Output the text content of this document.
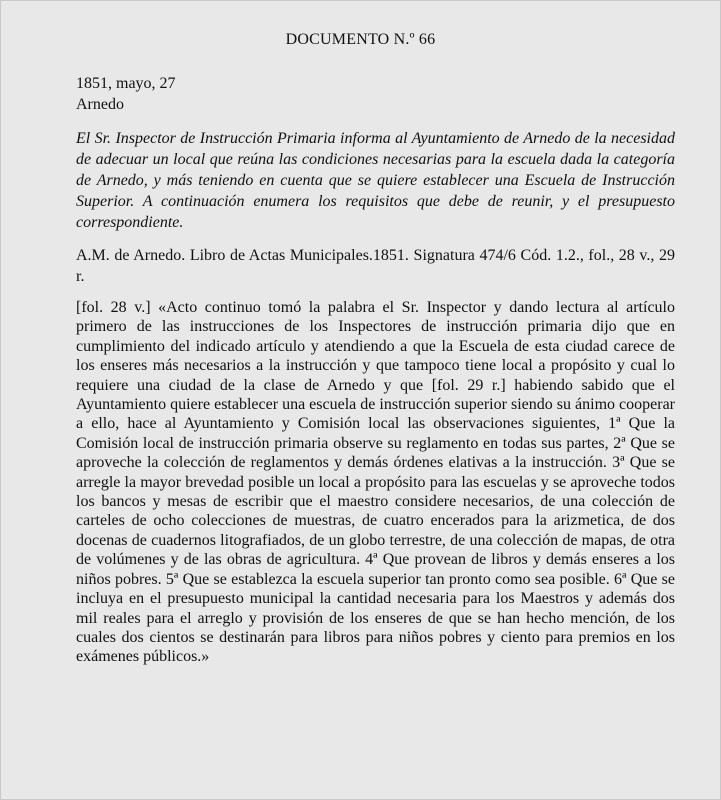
DOCUMENTO N.º 66
1851, mayo, 27
Arnedo

El Sr. Inspector de Instrucción Primaria informa al Ayuntamiento de Arnedo de la necesidad de adecuar un local que reúna las condiciones necesarias para la escuela dada la categoría de Arnedo, y más teniendo en cuenta que se quiere establecer una Escuela de Instrucción Superior. A continuación enumera los requisitos que debe de reunir, y el presupuesto correspondiente.

A.M. de Arnedo. Libro de Actas Municipales.1851. Signatura 474/6 Cód. 1.2., fol., 28 v., 29 r.

[fol. 28 v.] «Acto continuo tomó la palabra el Sr. Inspector y dando lectura al artículo primero de las instrucciones de los Inspectores de instrucción primaria dijo que en cumplimiento del indicado artículo y atendiendo a que la Escuela de esta ciudad carece de los enseres más necesarios a la instrucción y que tampoco tiene local a propósito y cual lo requiere una ciudad de la clase de Arnedo y que [fol. 29 r.] habiendo sabido que el Ayuntamiento quiere establecer una escuela de instrucción superior siendo su ánimo cooperar a ello, hace al Ayuntamiento y Comisión local las observaciones siguientes, 1ª Que la Comisión local de instrucción primaria observe su reglamento en todas sus partes, 2ª Que se aproveche la colección de reglamentos y demás órdenes elativas a la instrucción. 3ª Que se arregle la mayor brevedad posible un local a propósito para las escuelas y se aproveche todos los bancos y mesas de escribir que el maestro considere necesarios, de una colección de carteles de ocho colecciones de muestras, de cuatro encerados para la arizmetica, de dos docenas de cuadernos litografiados, de un globo terrestre, de una colección de mapas, de otra de volúmenes y de las obras de agricultura. 4ª Que provean de libros y demás enseres a los niños pobres. 5ª Que se establezca la escuela superior tan pronto como sea posible. 6ª Que se incluya en el presupuesto municipal la cantidad necesaria para los Maestros y además dos mil reales para el arreglo y provisión de los enseres de que se han hecho mención, de los cuales dos cientos se destinarán para libros para niños pobres y ciento para premios en los exámenes públicos.»
